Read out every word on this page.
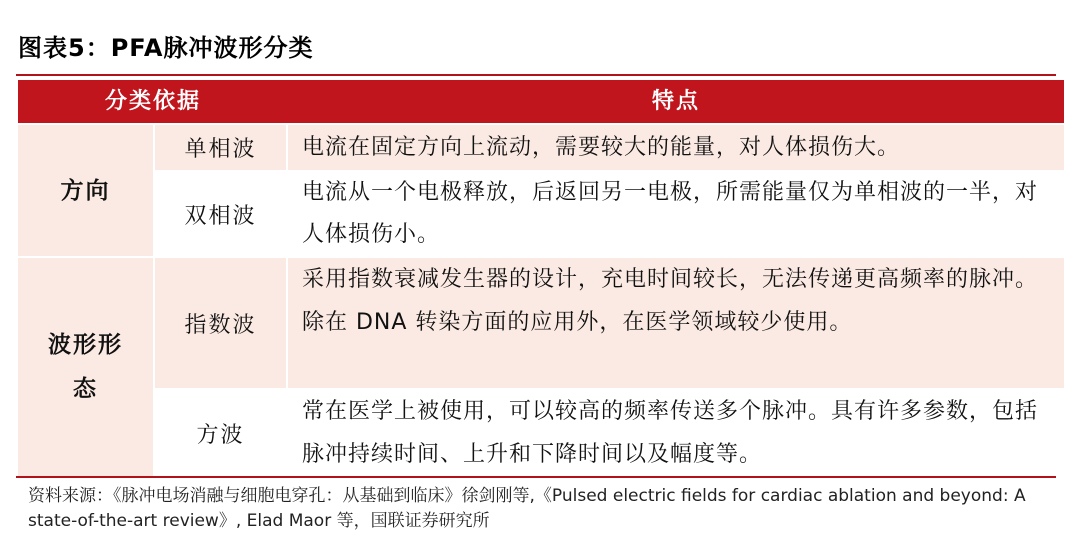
图表5：PFA脉冲波形分类
分类依据	特点
方向
单相波	电流在固定方向上流动，需要较大的能量，对人体损伤大。
双相波
电流从一个电极释放，后返回另一电极，所需能量仅为单相波的一半，对人体损伤小。
波形形态
指数波
采用指数衰减发生器的设计，充电时间较长，无法传递更高频率的脉冲。除在 DNA 转染方面的应用外，在医学领域较少使用。
方波
常在医学上被使用，可以较高的频率传送多个脉冲。具有许多参数，包括脉冲持续时间、上升和下降时间以及幅度等。
资料来源：《脉冲电场消融与细胞电穿孔：从基础到临床》徐剑刚等,《Pulsed electric fields for cardiac ablation and beyond: A state-of-the-art review》, Elad Maor 等，国联证券研究所
